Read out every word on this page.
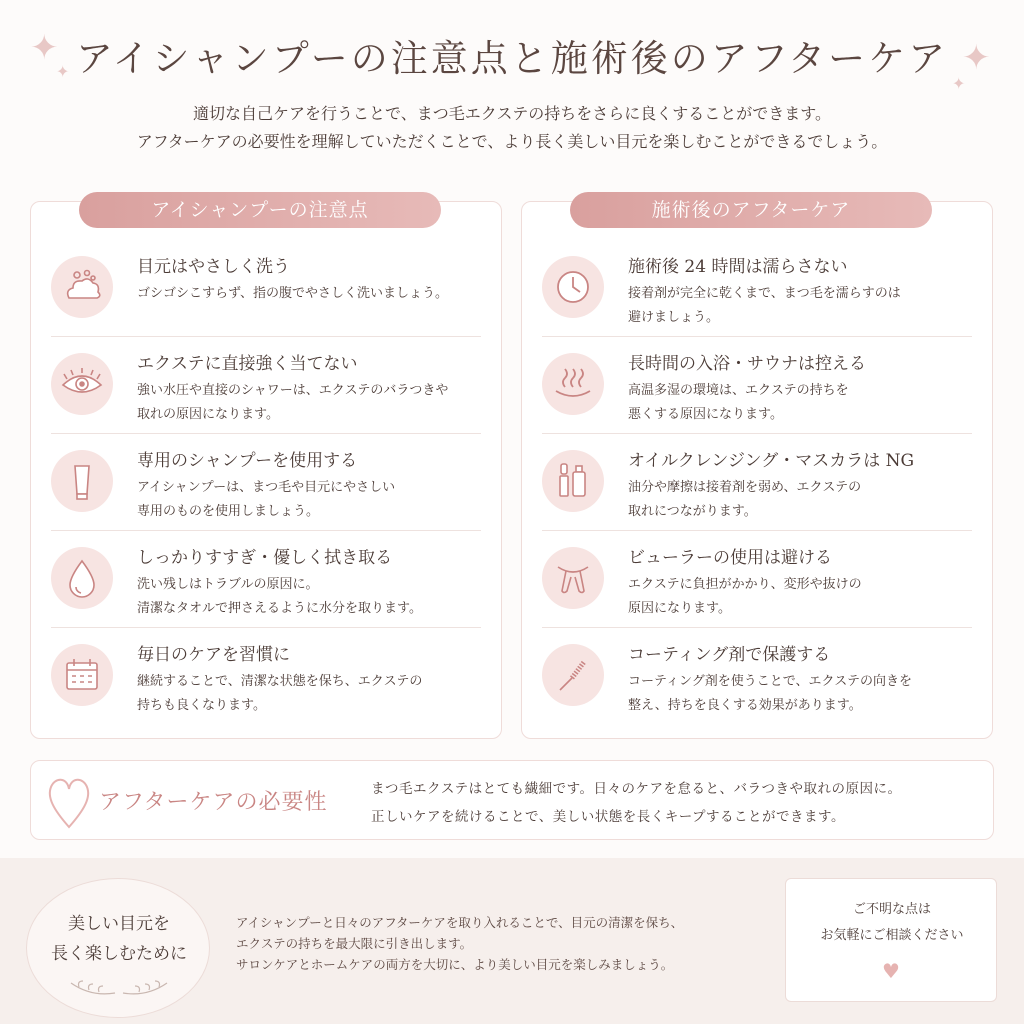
✦
✦	✦
✦
アイシャンプーの注意点と施術後のアフターケア
適切な自己ケアを行うことで、まつ毛エクステの持ちをさらに良くすることができます。
アフターケアの必要性を理解していただくことで、より長く美しい目元を楽しむことができるでしょう。
アイシャンプーの注意点
目元はやさしく洗う
ゴシゴシこすらず、指の腹でやさしく洗いましょう。
エクステに直接強く当てない
強い水圧や直接のシャワーは、エクステのバラつきや
取れの原因になります。
専用のシャンプーを使用する
アイシャンプーは、まつ毛や目元にやさしい
専用のものを使用しましょう。
しっかりすすぎ・優しく拭き取る
洗い残しはトラブルの原因に。
清潔なタオルで押さえるように水分を取ります。
毎日のケアを習慣に
継続することで、清潔な状態を保ち、エクステの
持ちも良くなります。
施術後のアフターケア
施術後 24 時間は濡らさない
接着剤が完全に乾くまで、まつ毛を濡らすのは
避けましょう。
長時間の入浴・サウナは控える
高温多湿の環境は、エクステの持ちを
悪くする原因になります。
オイルクレンジング・マスカラは NG
油分や摩擦は接着剤を弱め、エクステの
取れにつながります。
ビューラーの使用は避ける
エクステに負担がかかり、変形や抜けの
原因になります。
コーティング剤で保護する
コーティング剤を使うことで、エクステの向きを
整え、持ちを良くする効果があります。
アフターケアの必要性
まつ毛エクステはとても繊細です。日々のケアを怠ると、バラつきや取れの原因に。
正しいケアを続けることで、美しい状態を長くキープすることができます。
美しい目元を
長く楽しむために
アイシャンプーと日々のアフターケアを取り入れることで、目元の清潔を保ち、
エクステの持ちを最大限に引き出します。
サロンケアとホームケアの両方を大切に、より美しい目元を楽しみましょう。
ご不明な点は
お気軽にご相談ください
♥
